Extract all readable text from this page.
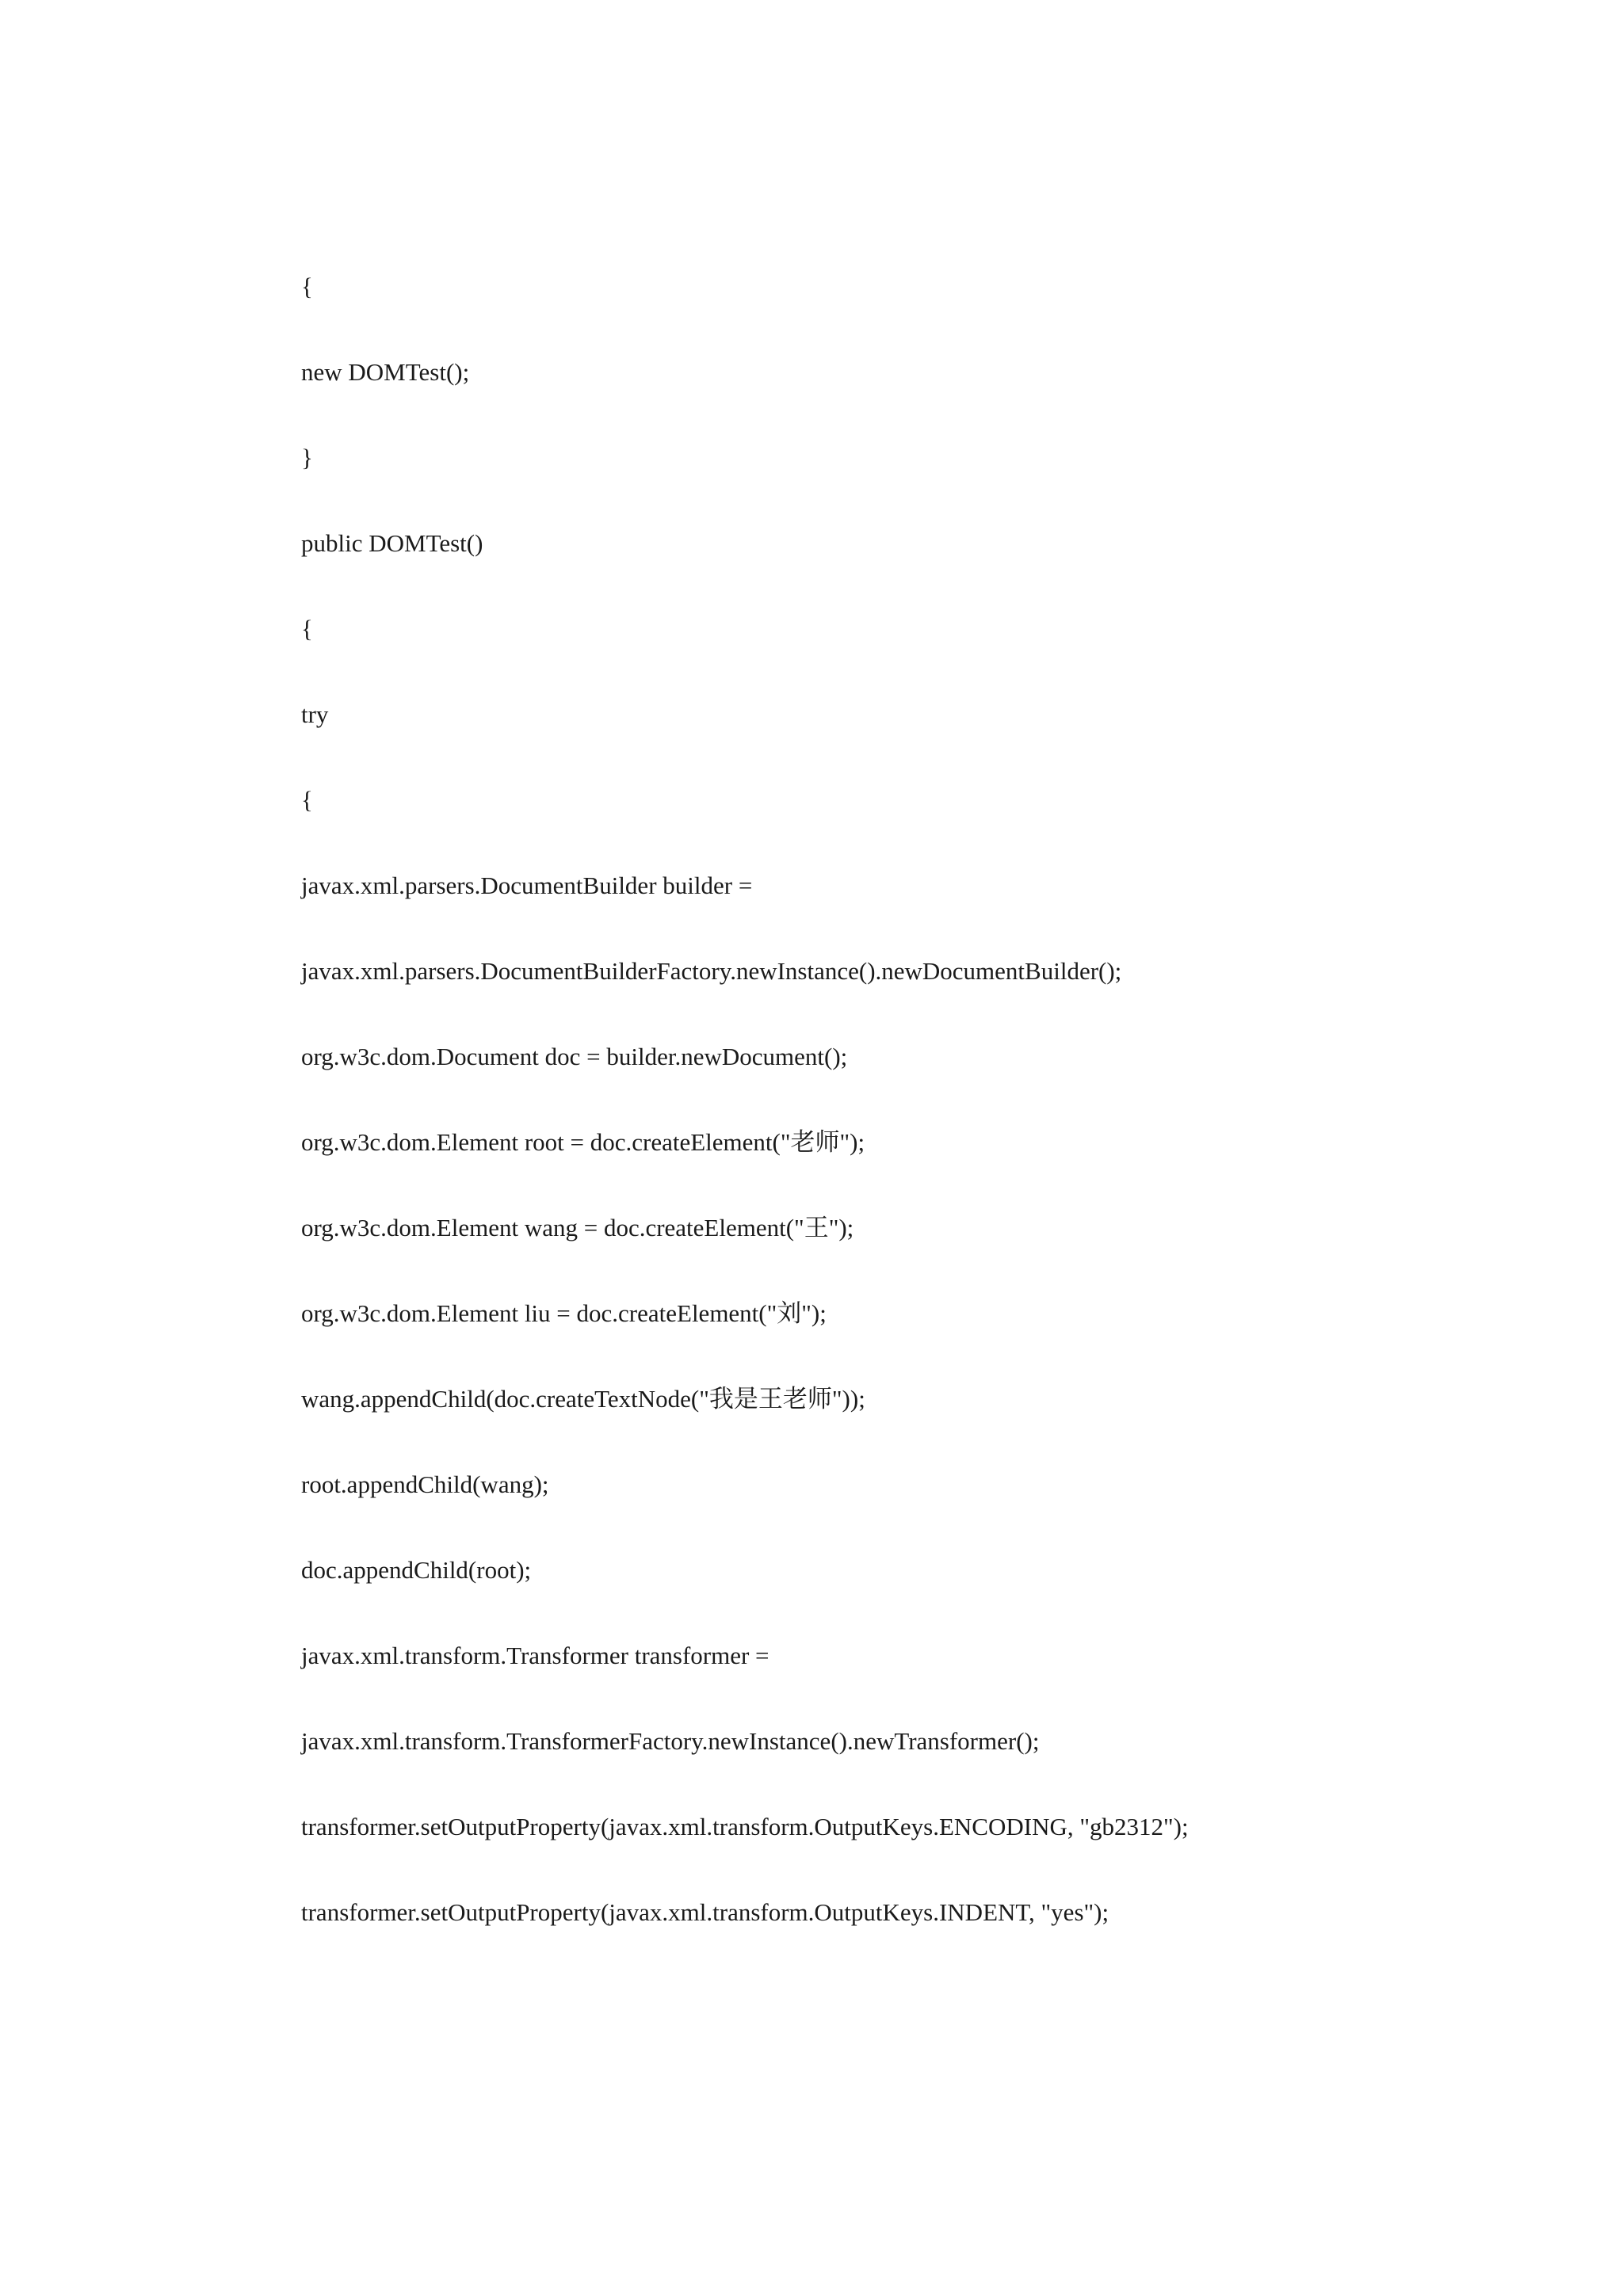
{
new DOMTest();
}
public DOMTest()
{
try
{
javax.xml.parsers.DocumentBuilder builder =
javax.xml.parsers.DocumentBuilderFactory.newInstance().newDocumentBuilder();
org.w3c.dom.Document doc = builder.newDocument();
org.w3c.dom.Element root = doc.createElement("老师");
org.w3c.dom.Element wang = doc.createElement("王");
org.w3c.dom.Element liu = doc.createElement("刘");
wang.appendChild(doc.createTextNode("我是王老师"));
root.appendChild(wang);
doc.appendChild(root);
javax.xml.transform.Transformer transformer =
javax.xml.transform.TransformerFactory.newInstance().newTransformer();
transformer.setOutputProperty(javax.xml.transform.OutputKeys.ENCODING, "gb2312");
transformer.setOutputProperty(javax.xml.transform.OutputKeys.INDENT, "yes");
